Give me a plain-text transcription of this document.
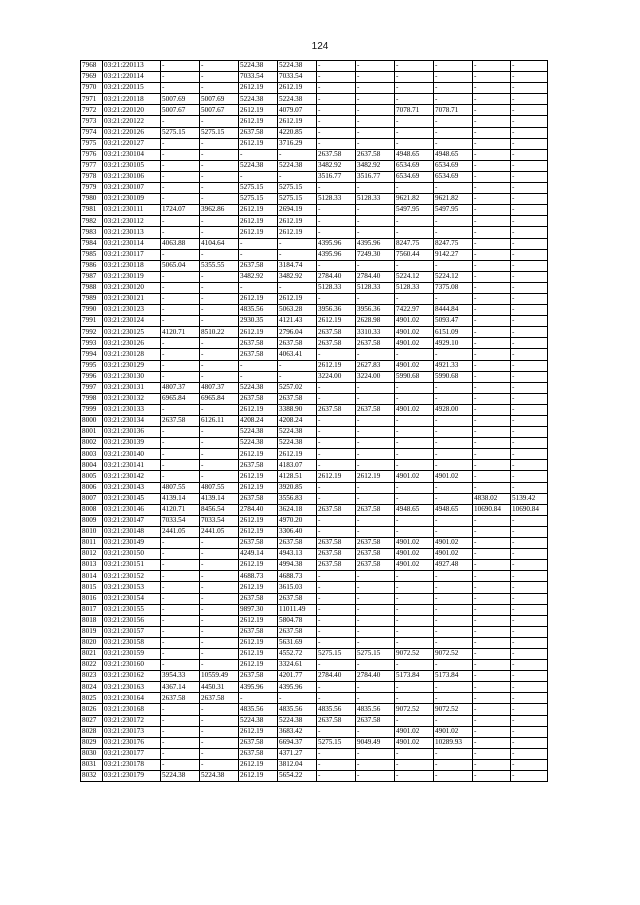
124
7968	03:21:220113	-	-	5224.38	5224.38	-	-	-	-	-	-
7969	03:21:220114	-	-	7033.54	7033.54	-	-	-	-	-	-
7970	03:21:220115	-	-	2612.19	2612.19	-	-	-	-	-	-
7971	03:21:220118	5007.69	5007.69	5224.38	5224.38	-	-	-	-	-	-
7972	03:21:220120	5007.67	5007.67	2612.19	4079.07	-	-	7078.71	7078.71	-	-
7973	03:21:220122	-	-	2612.19	2612.19	-	-	-	-	-	-
7974	03:21:220126	5275.15	5275.15	2637.58	4220.85	-	-	-	-	-	-
7975	03:21:220127	-	-	2612.19	3716.29	-	-	-	-	-	-
7976	03:21:230104	-	-	-	-	2637.58	2637.58	4948.65	4948.65	-	-
7977	03:21:230105	-	-	5224.38	5224.38	3482.92	3482.92	6534.69	6534.69	-	-
7978	03:21:230106	-	-	-	-	3516.77	3516.77	6534.69	6534.69	-	-
7979	03:21:230107	-	-	5275.15	5275.15	-	-	-	-	-	-
7980	03:21:230109	-	-	5275.15	5275.15	5128.33	5128.33	9621.82	9621.82	-	-
7981	03:21:230111	1724.07	3962.86	2612.19	2694.19	-	-	5497.95	5497.95	-	-
7982	03:21:230112	-	-	2612.19	2612.19	-	-	-	-	-	-
7983	03:21:230113	-	-	2612.19	2612.19	-	-	-	-	-	-
7984	03:21:230114	4063.88	4104.64	-	-	4395.96	4395.96	8247.75	8247.75	-	-
7985	03:21:230117	-	-	-	-	4395.96	7249.30	7560.44	9142.27	-	-
7986	03:21:230118	5065.04	5355.55	2637.58	3184.74	-	-	-	-	-	-
7987	03:21:230119	-	-	3482.92	3482.92	2784.40	2784.40	5224.12	5224.12	-	-
7988	03:21:230120	-	-	-	-	5128.33	5128.33	5128.33	7375.08	-	-
7989	03:21:230121	-	-	2612.19	2612.19	-	-	-	-	-	-
7990	03:21:230123	-	-	4835.56	5063.28	3956.36	3956.36	7422.97	8444.84	-	-
7991	03:21:230124	-	-	2930.35	4121.43	2612.19	2628.98	4901.02	5093.47	-	-
7992	03:21:230125	4120.71	8510.22	2612.19	2796.04	2637.58	3310.33	4901.02	6151.09	-	-
7993	03:21:230126	-	-	2637.58	2637.58	2637.58	2637.58	4901.02	4929.10	-	-
7994	03:21:230128	-	-	2637.58	4063.41	-	-	-	-	-	-
7995	03:21:230129	-	-	-	-	2612.19	2627.83	4901.02	4921.33	-	-
7996	03:21:230130	-	-	-	-	3224.00	3224.00	5990.68	5990.68	-	-
7997	03:21:230131	4807.37	4807.37	5224.38	5257.02	-	-	-	-	-	-
7998	03:21:230132	6965.84	6965.84	2637.58	2637.58	-	-	-	-	-	-
7999	03:21:230133	-	-	2612.19	3388.90	2637.58	2637.58	4901.02	4928.00	-	-
8000	03:21:230134	2637.58	6126.11	4208.24	4208.24	-	-	-	-	-	-
8001	03:21:230136	-	-	5224.38	5224.38	-	-	-	-	-	-
8002	03:21:230139	-	-	5224.38	5224.38	-	-	-	-	-	-
8003	03:21:230140	-	-	2612.19	2612.19	-	-	-	-	-	-
8004	03:21:230141	-	-	2637.58	4183.07	-	-	-	-	-	-
8005	03:21:230142	-	-	2612.19	4128.51	2612.19	2612.19	4901.02	4901.02	-	-
8006	03:21:230143	4807.55	4807.55	2612.19	3920.85	-	-	-	-	-	-
8007	03:21:230145	4139.14	4139.14	2637.58	3556.83	-	-	-	-	4838.02	5139.42
8008	03:21:230146	4120.71	8456.54	2784.40	3624.18	2637.58	2637.58	4948.65	4948.65	10690.84	10690.84
8009	03:21:230147	7033.54	7033.54	2612.19	4970.20	-	-	-	-	-	-
8010	03:21:230148	2441.05	2441.05	2612.19	3306.40	-	-	-	-	-	-
8011	03:21:230149	-	-	2637.58	2637.58	2637.58	2637.58	4901.02	4901.02	-	-
8012	03:21:230150	-	-	4249.14	4943.13	2637.58	2637.58	4901.02	4901.02	-	-
8013	03:21:230151	-	-	2612.19	4994.38	2637.58	2637.58	4901.02	4927.48	-	-
8014	03:21:230152	-	-	4688.73	4688.73	-	-	-	-	-	-
8015	03:21:230153	-	-	2612.19	3615.03	-	-	-	-	-	-
8016	03:21:230154	-	-	2637.58	2637.58	-	-	-	-	-	-
8017	03:21:230155	-	-	9897.30	11011.49	-	-	-	-	-	-
8018	03:21:230156	-	-	2612.19	5804.78	-	-	-	-	-	-
8019	03:21:230157	-	-	2637.58	2637.58	-	-	-	-	-	-
8020	03:21:230158	-	-	2612.19	5631.69	-	-	-	-	-	-
8021	03:21:230159	-	-	2612.19	4552.72	5275.15	5275.15	9072.52	9072.52	-	-
8022	03:21:230160	-	-	2612.19	3324.61	-	-	-	-	-	-
8023	03:21:230162	3954.33	10559.49	2637.58	4201.77	2784.40	2784.40	5173.84	5173.84	-	-
8024	03:21:230163	4367.14	4450.31	4395.96	4395.96	-	-	-	-	-	-
8025	03:21:230164	2637.58	2637.58	-	-	-	-	-	-	-	-
8026	03:21:230168	-	-	4835.56	4835.56	4835.56	4835.56	9072.52	9072.52	-	-
8027	03:21:230172	-	-	5224.38	5224.38	2637.58	2637.58	-	-	-	-
8028	03:21:230173	-	-	2612.19	3683.42	-	-	4901.02	4901.02	-	-
8029	03:21:230176	-	-	2637.58	6694.37	5275.15	9049.49	4901.02	10289.93	-	-
8030	03:21:230177	-	-	2637.58	4371.27	-	-	-	-	-	-
8031	03:21:230178	-	-	2612.19	3812.04	-	-	-	-	-	-
8032	03:21:230179	5224.38	5224.38	2612.19	5654.22	-	-	-	-	-	-
